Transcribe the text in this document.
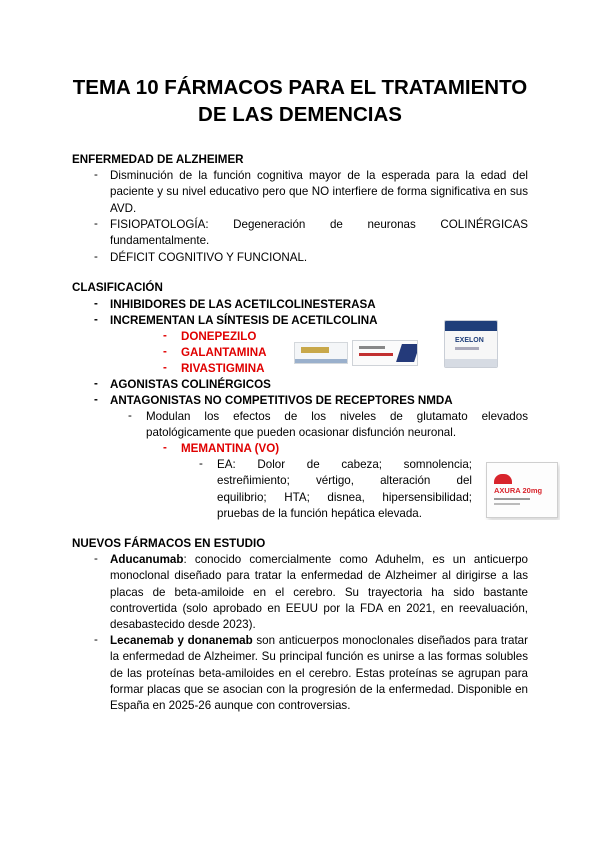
TEMA 10 FÁRMACOS PARA EL TRATAMIENTO
DE LAS DEMENCIAS
ENFERMEDAD DE ALZHEIMER
- Disminución de la función cognitiva mayor de la esperada para la edad del paciente y su nivel educativo pero que NO interfiere de forma significativa en sus AVD.
- FISIOPATOLOGÍA: Degeneración de neuronas COLINÉRGICAS
fundamentalmente.
- DÉFICIT COGNITIVO Y FUNCIONAL.
CLASIFICACIÓN
- INHIBIDORES DE LAS ACETILCOLINESTERASA
- INCREMENTAN LA SÍNTESIS DE ACETILCOLINA
- DONEPEZILO
- GALANTAMINA
- RIVASTIGMINA
EXELON
- AGONISTAS COLINÉRGICOS
- ANTAGONISTAS NO COMPETITIVOS DE RECEPTORES NMDA
- Modulan los efectos de los niveles de glutamato elevados patológicamente que pueden ocasionar disfunción neuronal.
- MEMANTINA (VO)
- EA: Dolor de cabeza; somnolencia;
estreñimiento; vértigo, alteración del
equilibrio; HTA; disnea, hipersensibilidad;
pruebas de la función hepática elevada.
AXURA 20mg
NUEVOS FÁRMACOS EN ESTUDIO
- Aducanumab: conocido comercialmente como Aduhelm, es un anticuerpo monoclonal diseñado para tratar la enfermedad de Alzheimer al dirigirse a las placas de beta-amiloide en el cerebro. Su trayectoria ha sido bastante controvertida (solo aprobado en EEUU por la FDA en 2021, en reevaluación, desabastecido desde 2023).
- Lecanemab y donanemab son anticuerpos monoclonales diseñados para tratar la enfermedad de Alzheimer. Su principal función es unirse a las formas solubles de las proteínas beta-amiloides en el cerebro. Estas proteínas se agrupan para formar placas que se asocian con la progresión de la enfermedad. Disponible en España en 2025-26 aunque con controversias.
